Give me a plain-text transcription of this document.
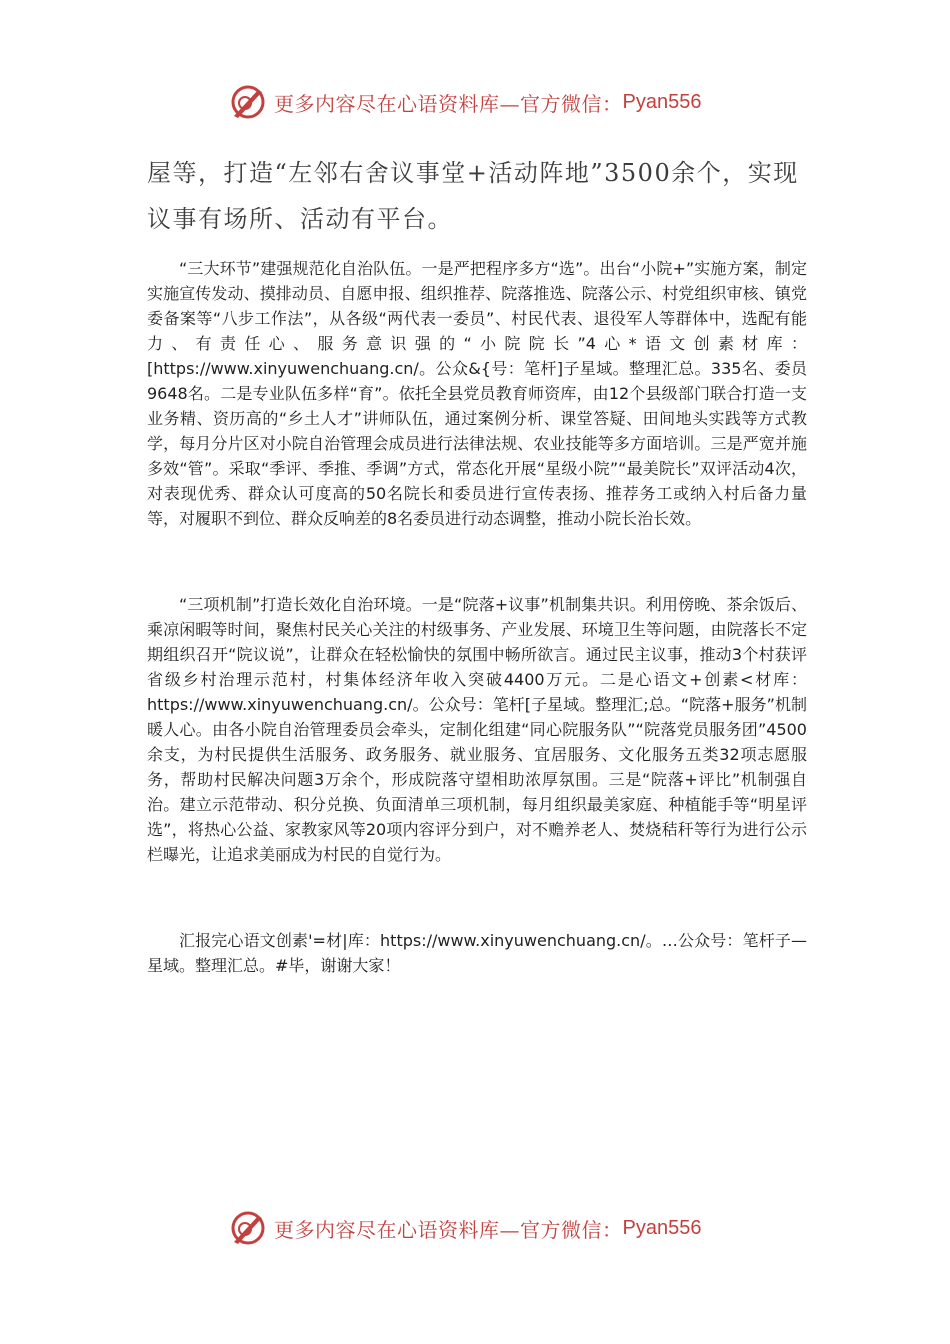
更多内容尽在心语资料库—官方微信： Pyan556

屋等，打造“左邻右舍议事堂+活动阵地”3500余个，实现议事有场所、活动有平台。

“三大环节”建强规范化自治队伍。一是严把程序多方“选”。出台“小院+”实施方案，制定实施宣传发动、摸排动员、自愿申报、组织推荐、院落推选、院落公示、村党组织审核、镇党委备案等“八步工作法”，从各级“两代表一委员”、村民代表、退役军人等群体中，选配有能力、有责任心、服务意识强的“小院院长”4心*语文创素材库：[https://www.xinyuwenchuang.cn/。公众&{号：笔杆]子星域。整理汇总。335名、委员9648名。二是专业队伍多样“育”。依托全县党员教育师资库，由12个县级部门联合打造一支业务精、资历高的“乡土人才”讲师队伍，通过案例分析、课堂答疑、田间地头实践等方式教学，每月分片区对小院自治管理会成员进行法律法规、农业技能等多方面培训。三是严宽并施多效“管”。采取“季评、季推、季调”方式，常态化开展“星级小院”“最美院长”双评活动4次，对表现优秀、群众认可度高的50名院长和委员进行宣传表扬、推荐务工或纳入村后备力量等，对履职不到位、群众反响差的8名委员进行动态调整，推动小院长治长效。

“三项机制”打造长效化自治环境。一是“院落+议事”机制集共识。利用傍晚、茶余饭后、乘凉闲暇等时间，聚焦村民关心关注的村级事务、产业发展、环境卫生等问题，由院落长不定期组织召开“院议说”，让群众在轻松愉快的氛围中畅所欲言。通过民主议事，推动3个村获评省级乡村治理示范村，村集体经济年收入突破4400万元。二是心语文+创素<材库：https://www.xinyuwenchuang.cn/。公众号：笔杆[子星域。整理汇;总。“院落+服务”机制暖人心。由各小院自治管理委员会牵头，定制化组建“同心院服务队”“院落党员服务团”4500余支，为村民提供生活服务、政务服务、就业服务、宜居服务、文化服务五类32项志愿服务，帮助村民解决问题3万余个，形成院落守望相助浓厚氛围。三是“院落+评比”机制强自治。建立示范带动、积分兑换、负面清单三项机制，每月组织最美家庭、种植能手等“明星评选”，将热心公益、家教家风等20项内容评分到户，对不赡养老人、焚烧秸秆等行为进行公示栏曝光，让追求美丽成为村民的自觉行为。

汇报完心语文创素'=材|库：https://www.xinyuwenchuang.cn/。…公众号：笔杆子—星域。整理汇总。#毕，谢谢大家！

更多内容尽在心语资料库—官方微信： Pyan556
